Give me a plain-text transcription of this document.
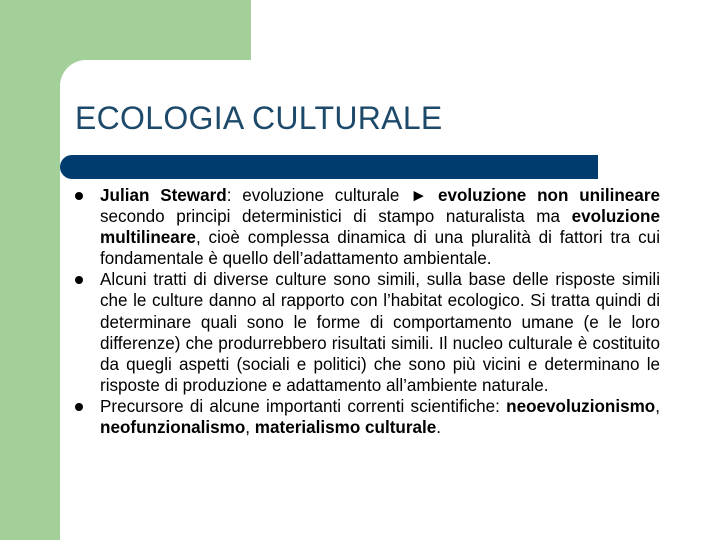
ECOLOGIA CULTURALE
Julian Steward: evoluzione culturale ► evoluzione non unilineare secondo principi deterministici di stampo naturalista ma evoluzione multilineare, cioè complessa dinamica di una pluralità di fattori tra cui fondamentale è quello dell’adattamento ambientale.
Alcuni tratti di diverse culture sono simili, sulla base delle risposte simili che le culture danno al rapporto con l’habitat ecologico. Si tratta quindi di determinare quali sono le forme di comportamento umane (e le loro differenze) che produrrebbero risultati simili. Il nucleo culturale è costituito da quegli aspetti (sociali e politici) che sono più vicini e determinano le risposte di produzione e adattamento all’ambiente naturale.
Precursore di alcune importanti correnti scientifiche: neoevoluzionismo, neofunzionalismo, materialismo culturale.
